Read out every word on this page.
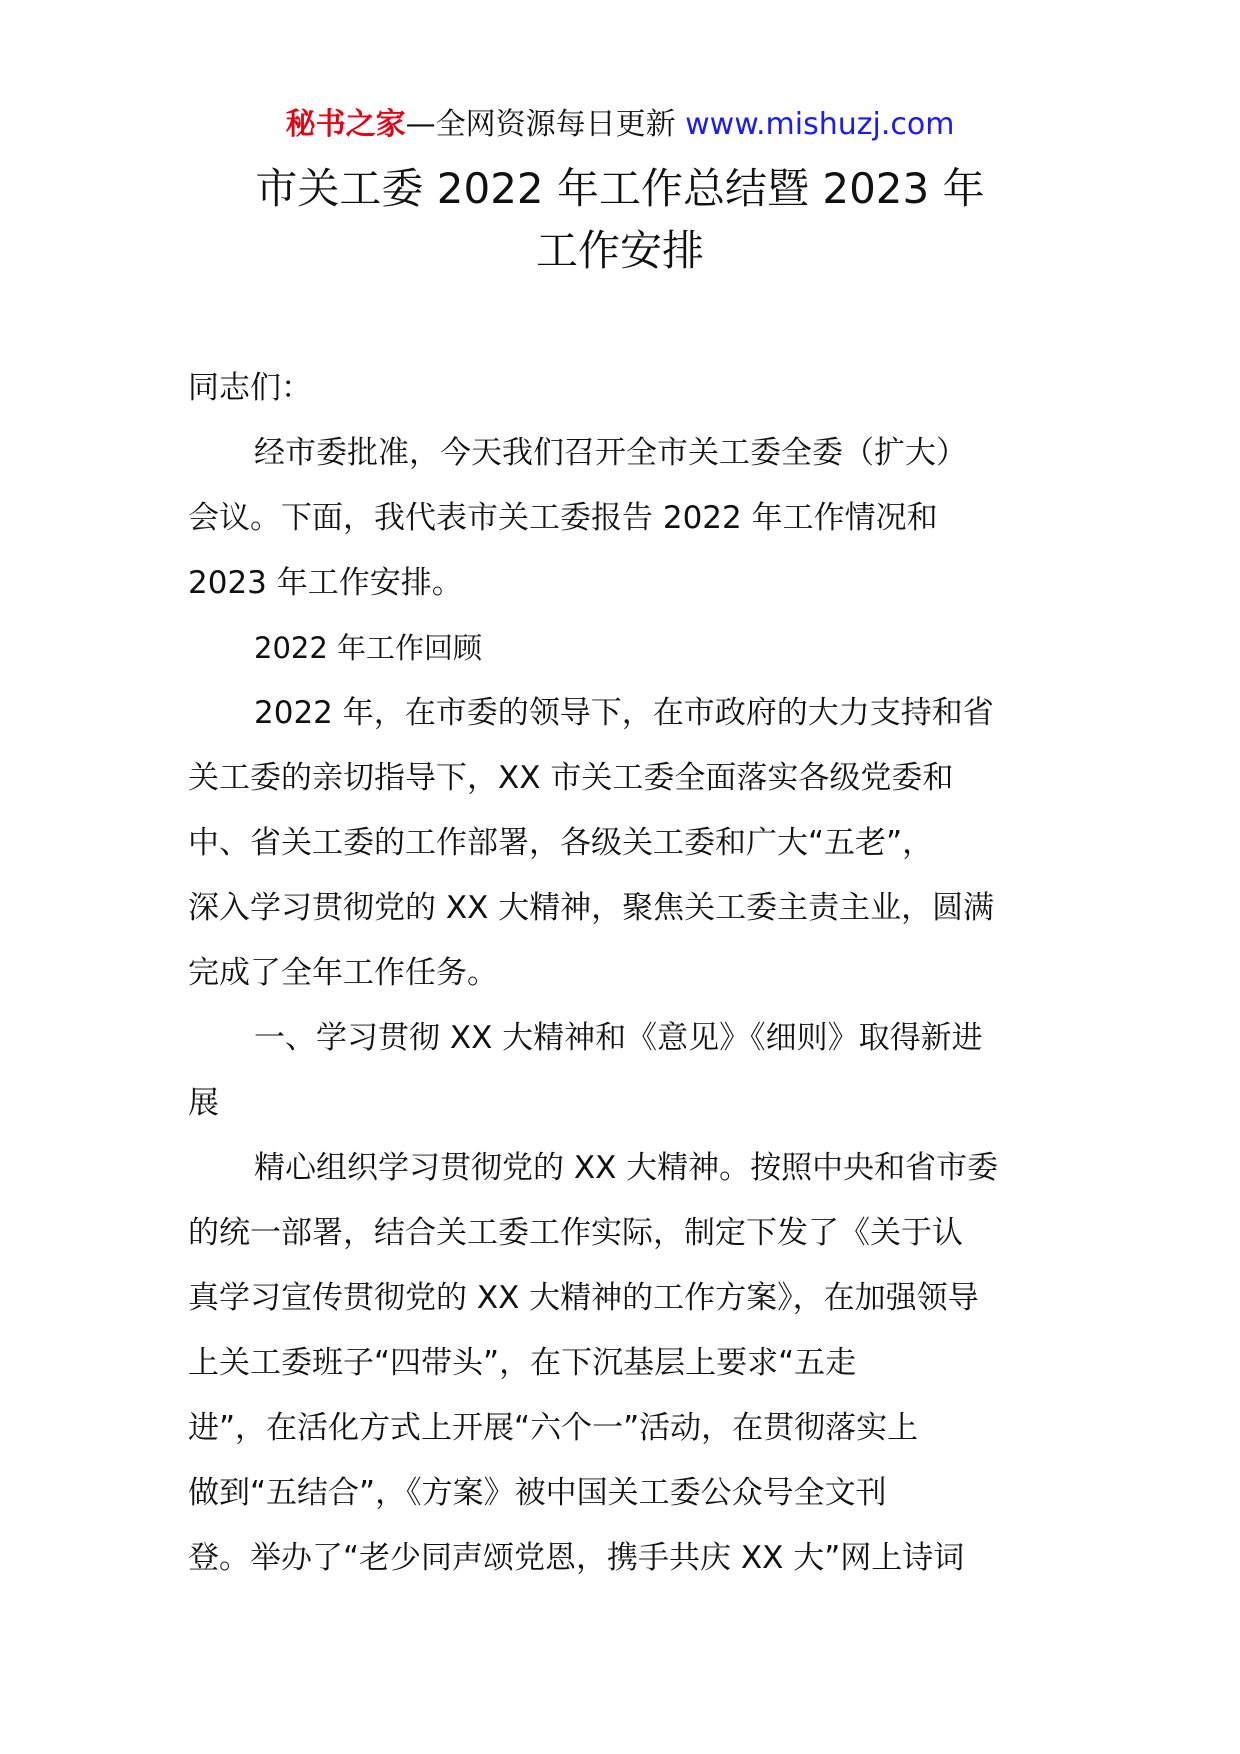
秘书之家—全网资源每日更新 www.mishuzj.com
市关工委 2022 年工作总结暨 2023 年
工作安排

同志们：

经市委批准，今天我们召开全市关工委全委（扩大）
会议。下面，我代表市关工委报告 2022 年工作情况和
2023 年工作安排。

2022 年工作回顾

2022 年，在市委的领导下，在市政府的大力支持和省
关工委的亲切指导下，XX 市关工委全面落实各级党委和
中、省关工委的工作部署，各级关工委和广大“五老”，
深入学习贯彻党的 XX 大精神，聚焦关工委主责主业，圆满
完成了全年工作任务。

一、学习贯彻 XX 大精神和《意见》《细则》取得新进
展

精心组织学习贯彻党的 XX 大精神。按照中央和省市委
的统一部署，结合关工委工作实际，制定下发了《关于认
真学习宣传贯彻党的 XX 大精神的工作方案》，在加强领导
上关工委班子“四带头”，在下沉基层上要求“五走
进”，在活化方式上开展“六个一”活动，在贯彻落实上
做到“五结合”，《方案》被中国关工委公众号全文刊
登。举办了“老少同声颂党恩，携手共庆 XX 大”网上诗词
